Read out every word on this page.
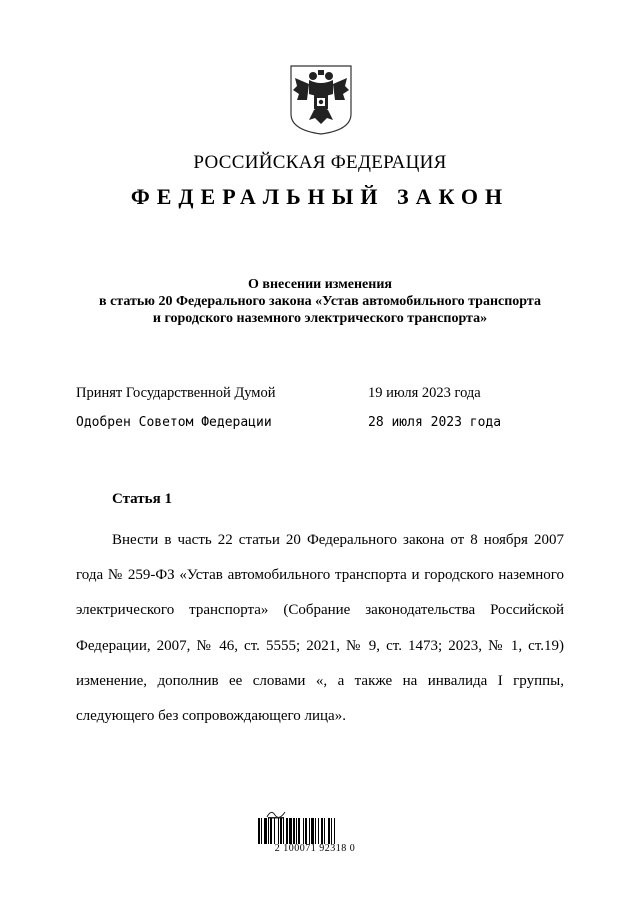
РОССИЙСКАЯ ФЕДЕРАЦИЯ
ФЕДЕРАЛЬНЫЙ ЗАКОН
О внесении изменения
в статью 20 Федерального закона «Устав автомобильного транспорта
и городского наземного электрического транспорта»
Принят Государственной Думой	19 июля 2023 года
Одобрен Советом Федерации	28 июля 2023 года
Статья 1

Внести в часть 22 статьи 20 Федерального закона от 8 ноября 2007 года № 259-ФЗ «Устав автомобильного транспорта и городского наземного электрического транспорта» (Собрание законодательства Российской Федерации, 2007, № 46, ст. 5555; 2021, № 9, ст. 1473; 2023, № 1, ст.19) изменение, дополнив ее словами «, а также на инвалида I группы, следующего без сопровождающего лица».

2 100071 92318 0
